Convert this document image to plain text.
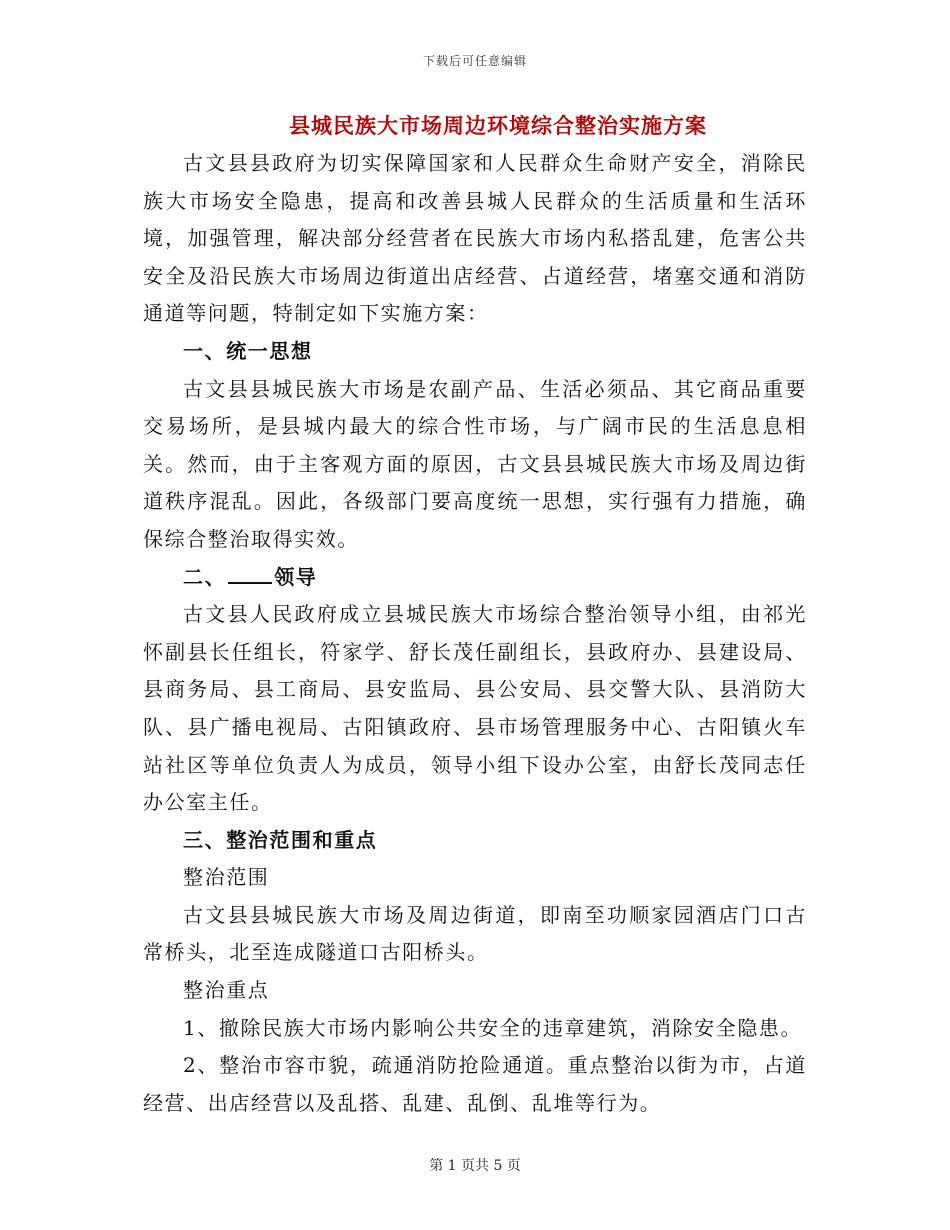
下载后可任意编辑
县城民族大市场周边环境综合整治实施方案

古文县县政府为切实保障国家和人民群众生命财产安全，消除民族大市场安全隐患，提高和改善县城人民群众的生活质量和生活环境，加强管理，解决部分经营者在民族大市场内私搭乱建，危害公共安全及沿民族大市场周边街道出店经营、占道经营，堵塞交通和消防通道等问题，特制定如下实施方案：

一、统一思想

古文县县城民族大市场是农副产品、生活必须品、其它商品重要交易场所，是县城内最大的综合性市场，与广阔市民的生活息息相关。然而，由于主客观方面的原因，古文县县城民族大市场及周边街道秩序混乱。因此，各级部门要高度统一思想，实行强有力措施，确保综合整治取得实效。

二、 领导

古文县人民政府成立县城民族大市场综合整治领导小组，由祁光怀副县长任组长，符家学、舒长茂任副组长，县政府办、县建设局、县商务局、县工商局、县安监局、县公安局、县交警大队、县消防大队、县广播电视局、古阳镇政府、县市场管理服务中心、古阳镇火车站社区等单位负责人为成员，领导小组下设办公室，由舒长茂同志任办公室主任。

三、整治范围和重点

整治范围

古文县县城民族大市场及周边街道，即南至功顺家园酒店门口古常桥头，北至连成隧道口古阳桥头。

整治重点

1、撤除民族大市场内影响公共安全的违章建筑，消除安全隐患。

2、整治市容市貌，疏通消防抢险通道。重点整治以街为市，占道经营、出店经营以及乱搭、乱建、乱倒、乱堆等行为。

第 1 页共 5 页
